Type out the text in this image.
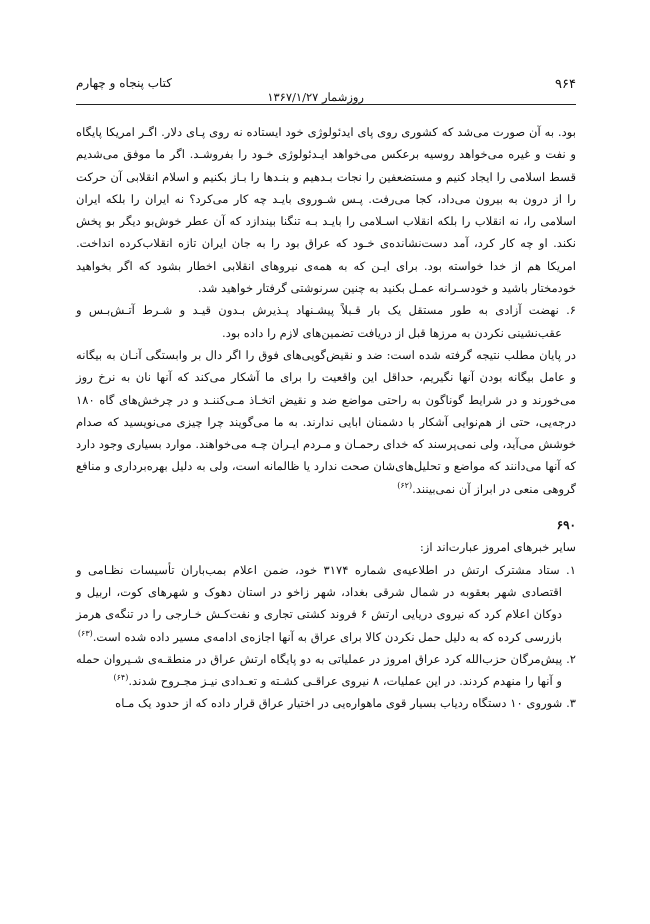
۹۶۴
روزشمار ۱۳۶۷/۱/۲۷
کتاب پنجاه و چهارم

بود. به آن صورت می‌شد که کشوری روی پای ایدئولوژی خود ایستاده نه روی پـای دلار. اگـر امریکا پایگاه و نفت و غیره می‌خواهد روسیه برعکس می‌خواهد ایـدئولوژی خـود را بفروشـد. اگر ما موفق می‌شدیم قسط اسلامی را ایجاد کنیم و مستضعفین را نجات بـدهیم و بنـدها را بـاز بکنیم و اسلام انقلابی آن حرکت را از درون به بیرون می‌داد، کجا می‌رفت. پـس شـوروی بایـد چه کار می‌کرد؟ نه ایران را بلکه ایران اسلامی را، نه انقلاب را بلکه انقلاب اسـلامی را بایـد بـه تنگنا بیندازد که آن عطر خوش‌بو دیگر بو پخش نکند. او چه کار کرد، آمد دست‌نشانده‌ی خـود که عراق بود را به جان ایران تازه انقلاب‌کرده انداخت. امریکا هم از خدا خواسته بود. برای ایـن که به همه‌ی نیروهای انقلابی اخطار بشود که اگر بخواهید خودمختار باشید و خودسـرانه عمـل بکنید به چنین سرنوشتی گرفتار خواهید شد.

۶. نهضت آزادی به طور مستقل یک بار قـبلاً پیشـنهاد پـذیرش بـدون قیـد و شـرط آتـش‌بـس و عقب‌نشینی نکردن به مرزها قبل از دریافت تضمین‌های لازم را داده بود.

در پایان مطلب نتیجه گرفته شده است: ضد و نقیض‌گویی‌های فوق را اگر دال بر وابستگی آنـان به بیگانه و عامل بیگانه بودن آنها نگیریم، حداقل این واقعیت را برای ما آشکار می‌کند که آنها نان به نرخ روز می‌خورند و در شرایط گوناگون به راحتی مواضع ضد و نقیض اتخـاذ مـی‌کننـد و در چرخش‌های گاه ۱۸۰ درجه‌یی، حتی از هم‌نوایی آشکار با دشمنان ابایی ندارند. به ما می‌گویند چرا چیزی می‌نویسید که صدام خوشش می‌آید، ولی نمی‌پرسند که خدای رحمـان و مـردم ایـران چـه می‌خواهند. موارد بسیاری وجود دارد که آنها می‌دانند که مواضع و تحلیل‌های‌شان صحت ندارد یا ظالمانه است، ولی به دلیل بهره‌برداری و منافع گروهی منعی در ابراز آن نمی‌بینند.$^{(۶۲)}$

۶۹۰

سایر خبرهای امروز عبارت‌اند از:

۱. ستاد مشترک ارتش در اطلاعیه‌ی شماره ۳۱۷۴ خود، ضمن اعلام بمب‌باران تأسیسات نظـامی و اقتصادی شهر بعقوبه در شمال شرقی بغداد، شهر زاخو در استان دهوک و شهرهای کوت، اربیل و دوکان اعلام کرد که نیروی دریایی ارتش ۶ فروند کشتی تجاری و نفت‌کـش خـارجی را در تنگه‌ی هرمز بازرسی کرده که به دلیل حمل نکردن کالا برای عراق به آنها اجازه‌ی ادامه‌ی مسیر داده شده است.$^{(۶۳)}$

۲. پیش‌مرگان حزب‌الله کرد عراق امروز در عملیاتی به دو پایگاه ارتش عراق در منطقـه‌ی شـیروان حمله و آنها را منهدم کردند. در این عملیات، ۸ نیروی عراقـی کشـته و تعـدادی نیـز مجـروح شدند.$^{(۶۴)}$

۳. شوروی ۱۰ دستگاه ردیاب بسیار قوی ماهواره‌یی در اختیار عراق قرار داده که از حدود یک مـاه
